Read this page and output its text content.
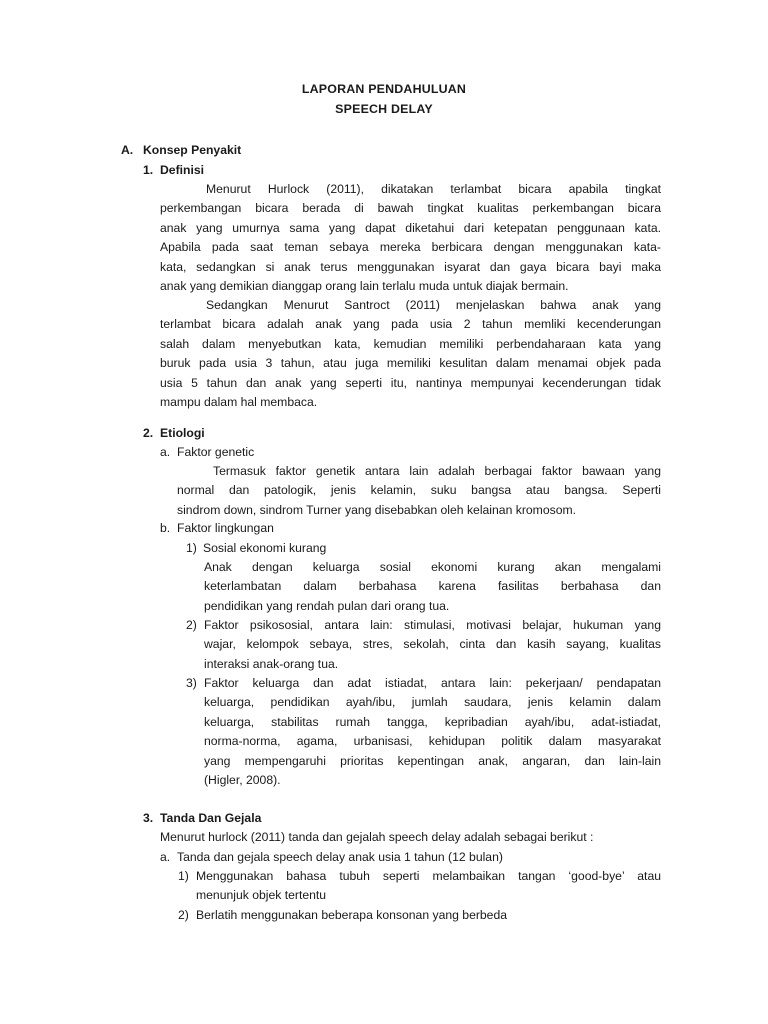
LAPORAN PENDAHULUAN
SPEECH DELAY
A. Konsep Penyakit
1. Definisi
Menurut Hurlock (2011), dikatakan terlambat bicara apabila tingkat
perkembangan bicara berada di bawah tingkat kualitas perkembangan bicara
anak yang umurnya sama yang dapat diketahui dari ketepatan penggunaan kata.
Apabila pada saat teman sebaya mereka berbicara dengan menggunakan kata-
kata, sedangkan si anak terus menggunakan isyarat dan gaya bicara bayi maka
anak yang demikian dianggap orang lain terlalu muda untuk diajak bermain.
Sedangkan Menurut Santroct (2011) menjelaskan bahwa anak yang
terlambat bicara adalah anak yang pada usia 2 tahun memliki kecenderungan
salah dalam menyebutkan kata, kemudian memiliki perbendaharaan kata yang
buruk pada usia 3 tahun, atau juga memiliki kesulitan dalam menamai objek pada
usia 5 tahun dan anak yang seperti itu, nantinya mempunyai kecenderungan tidak
mampu dalam hal membaca.
2. Etiologi
a. Faktor genetic
Termasuk faktor genetik antara lain adalah berbagai faktor bawaan yang
normal dan patologik, jenis kelamin, suku bangsa atau bangsa. Seperti
sindrom down, sindrom Turner yang disebabkan oleh kelainan kromosom.
b. Faktor lingkungan
1) Sosial ekonomi kurang
Anak dengan keluarga sosial ekonomi kurang akan mengalami
keterlambatan dalam berbahasa karena fasilitas berbahasa dan
pendidikan yang rendah pulan dari orang tua.
2) Faktor psikososial, antara lain: stimulasi, motivasi belajar, hukuman yang
wajar, kelompok sebaya, stres, sekolah, cinta dan kasih sayang, kualitas
interaksi anak-orang tua.
3) Faktor keluarga dan adat istiadat, antara lain: pekerjaan/ pendapatan
keluarga, pendidikan ayah/ibu, jumlah saudara, jenis kelamin dalam
keluarga, stabilitas rumah tangga, kepribadian ayah/ibu, adat-istiadat,
norma-norma, agama, urbanisasi, kehidupan politik dalam masyarakat
yang mempengaruhi prioritas kepentingan anak, angaran, dan lain-lain
(Higler, 2008).
3. Tanda Dan Gejala
Menurut hurlock (2011) tanda dan gejalah speech delay adalah sebagai berikut :
a. Tanda dan gejala speech delay anak usia 1 tahun (12 bulan)
1) Menggunakan bahasa tubuh seperti melambaikan tangan ‘good-bye’ atau
menunjuk objek tertentu
2) Berlatih menggunakan beberapa konsonan yang berbeda
